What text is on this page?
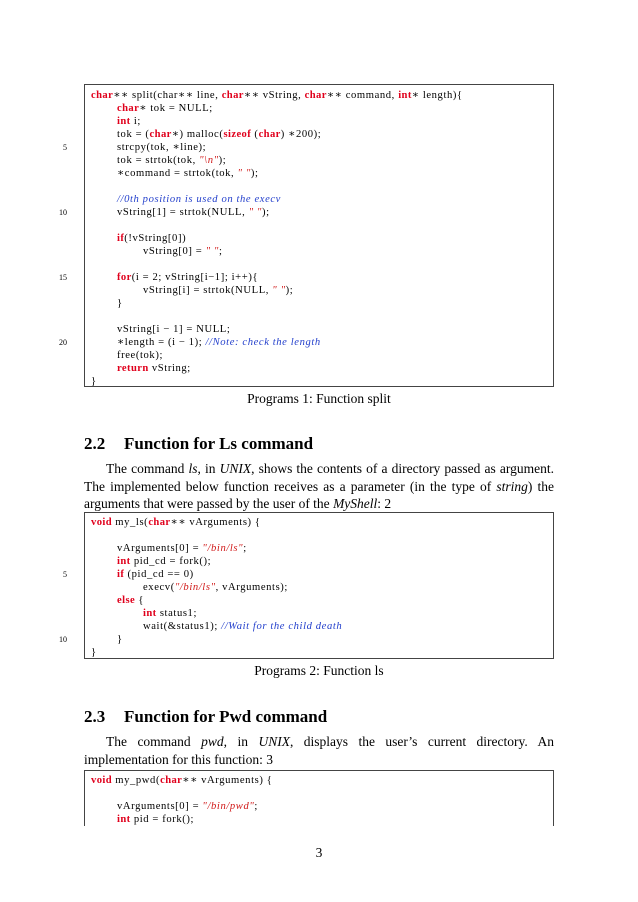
char∗∗ split(char∗∗ line, char∗∗ vString, char∗∗ command, int∗ length){
char∗ tok = NULL;
int i;
tok = (char∗) malloc(sizeof (char) ∗200);
5	strcpy(tok, ∗line);
tok = strtok(tok, "\n");
∗command = strtok(tok, " ");
//0th position is used on the execv
10	vString[1] = strtok(NULL, " ");
if(!vString[0])
vString[0] = " ";
15	for(i = 2; vString[i−1]; i++){
vString[i] = strtok(NULL, " ");
}
vString[i − 1] = NULL;
20	∗length = (i − 1); //Note: check the length
free(tok);
return vString;
}
Programs 1: Function split
2.2 Function for Ls command

The command ls, in UNIX, shows the contents of a directory passed as argument. The implemented below function receives as a parameter (in the type of string) the arguments that were passed by the user of the MyShell: 2

void my_ls(char∗∗ vArguments) {
vArguments[0] = "/bin/ls";
int pid_cd = fork();
5	if (pid_cd == 0)
execv("/bin/ls", vArguments);
else {
int status1;
wait(&status1); //Wait for the child death
10	}
}
Programs 2: Function ls
2.3 Function for Pwd command

The command pwd, in UNIX, displays the user’s current directory. An implementation for this function: 3

void my_pwd(char∗∗ vArguments) {
vArguments[0] = "/bin/pwd";
int pid = fork();
3
